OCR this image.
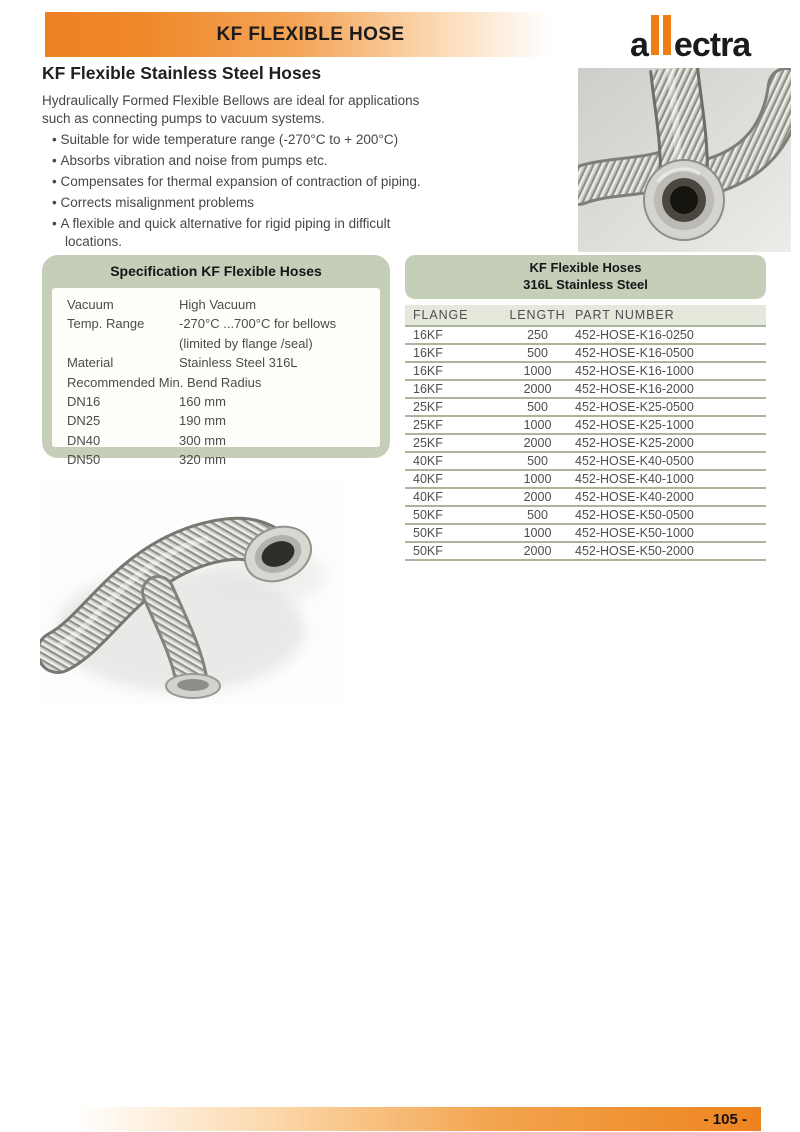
KF FLEXIBLE HOSE	a ectra
KF Flexible Stainless Steel Hoses

Hydraulically Formed Flexible Bellows are ideal for applications such as connecting pumps to vacuum systems.

• Suitable for wide temperature range (-270°C to + 200°C)
• Absorbs vibration and noise from pumps etc.
• Compensates for thermal expansion of contraction of piping.
• Corrects misalignment problems
• A flexible and quick alternative for rigid piping in difficult locations.
Specification KF Flexible Hoses
Vacuum	High Vacuum
Temp. Range	-270°C ...700°C for bellows
(limited by flange /seal)
Material	Stainless Steel 316L
Recommended Min. Bend Radius
DN16	160 mm
DN25	190 mm
DN40	300 mm
DN50	320 mm
KF Flexible Hoses
316L Stainless Steel
FLANGE	LENGTH	PART NUMBER
16KF	250	452-HOSE-K16-0250
16KF	500	452-HOSE-K16-0500
16KF	1000	452-HOSE-K16-1000
16KF	2000	452-HOSE-K16-2000
25KF	500	452-HOSE-K25-0500
25KF	1000	452-HOSE-K25-1000
25KF	2000	452-HOSE-K25-2000
40KF	500	452-HOSE-K40-0500
40KF	1000	452-HOSE-K40-1000
40KF	2000	452-HOSE-K40-2000
50KF	500	452-HOSE-K50-0500
50KF	1000	452-HOSE-K50-1000
50KF	2000	452-HOSE-K50-2000
- 105 -
